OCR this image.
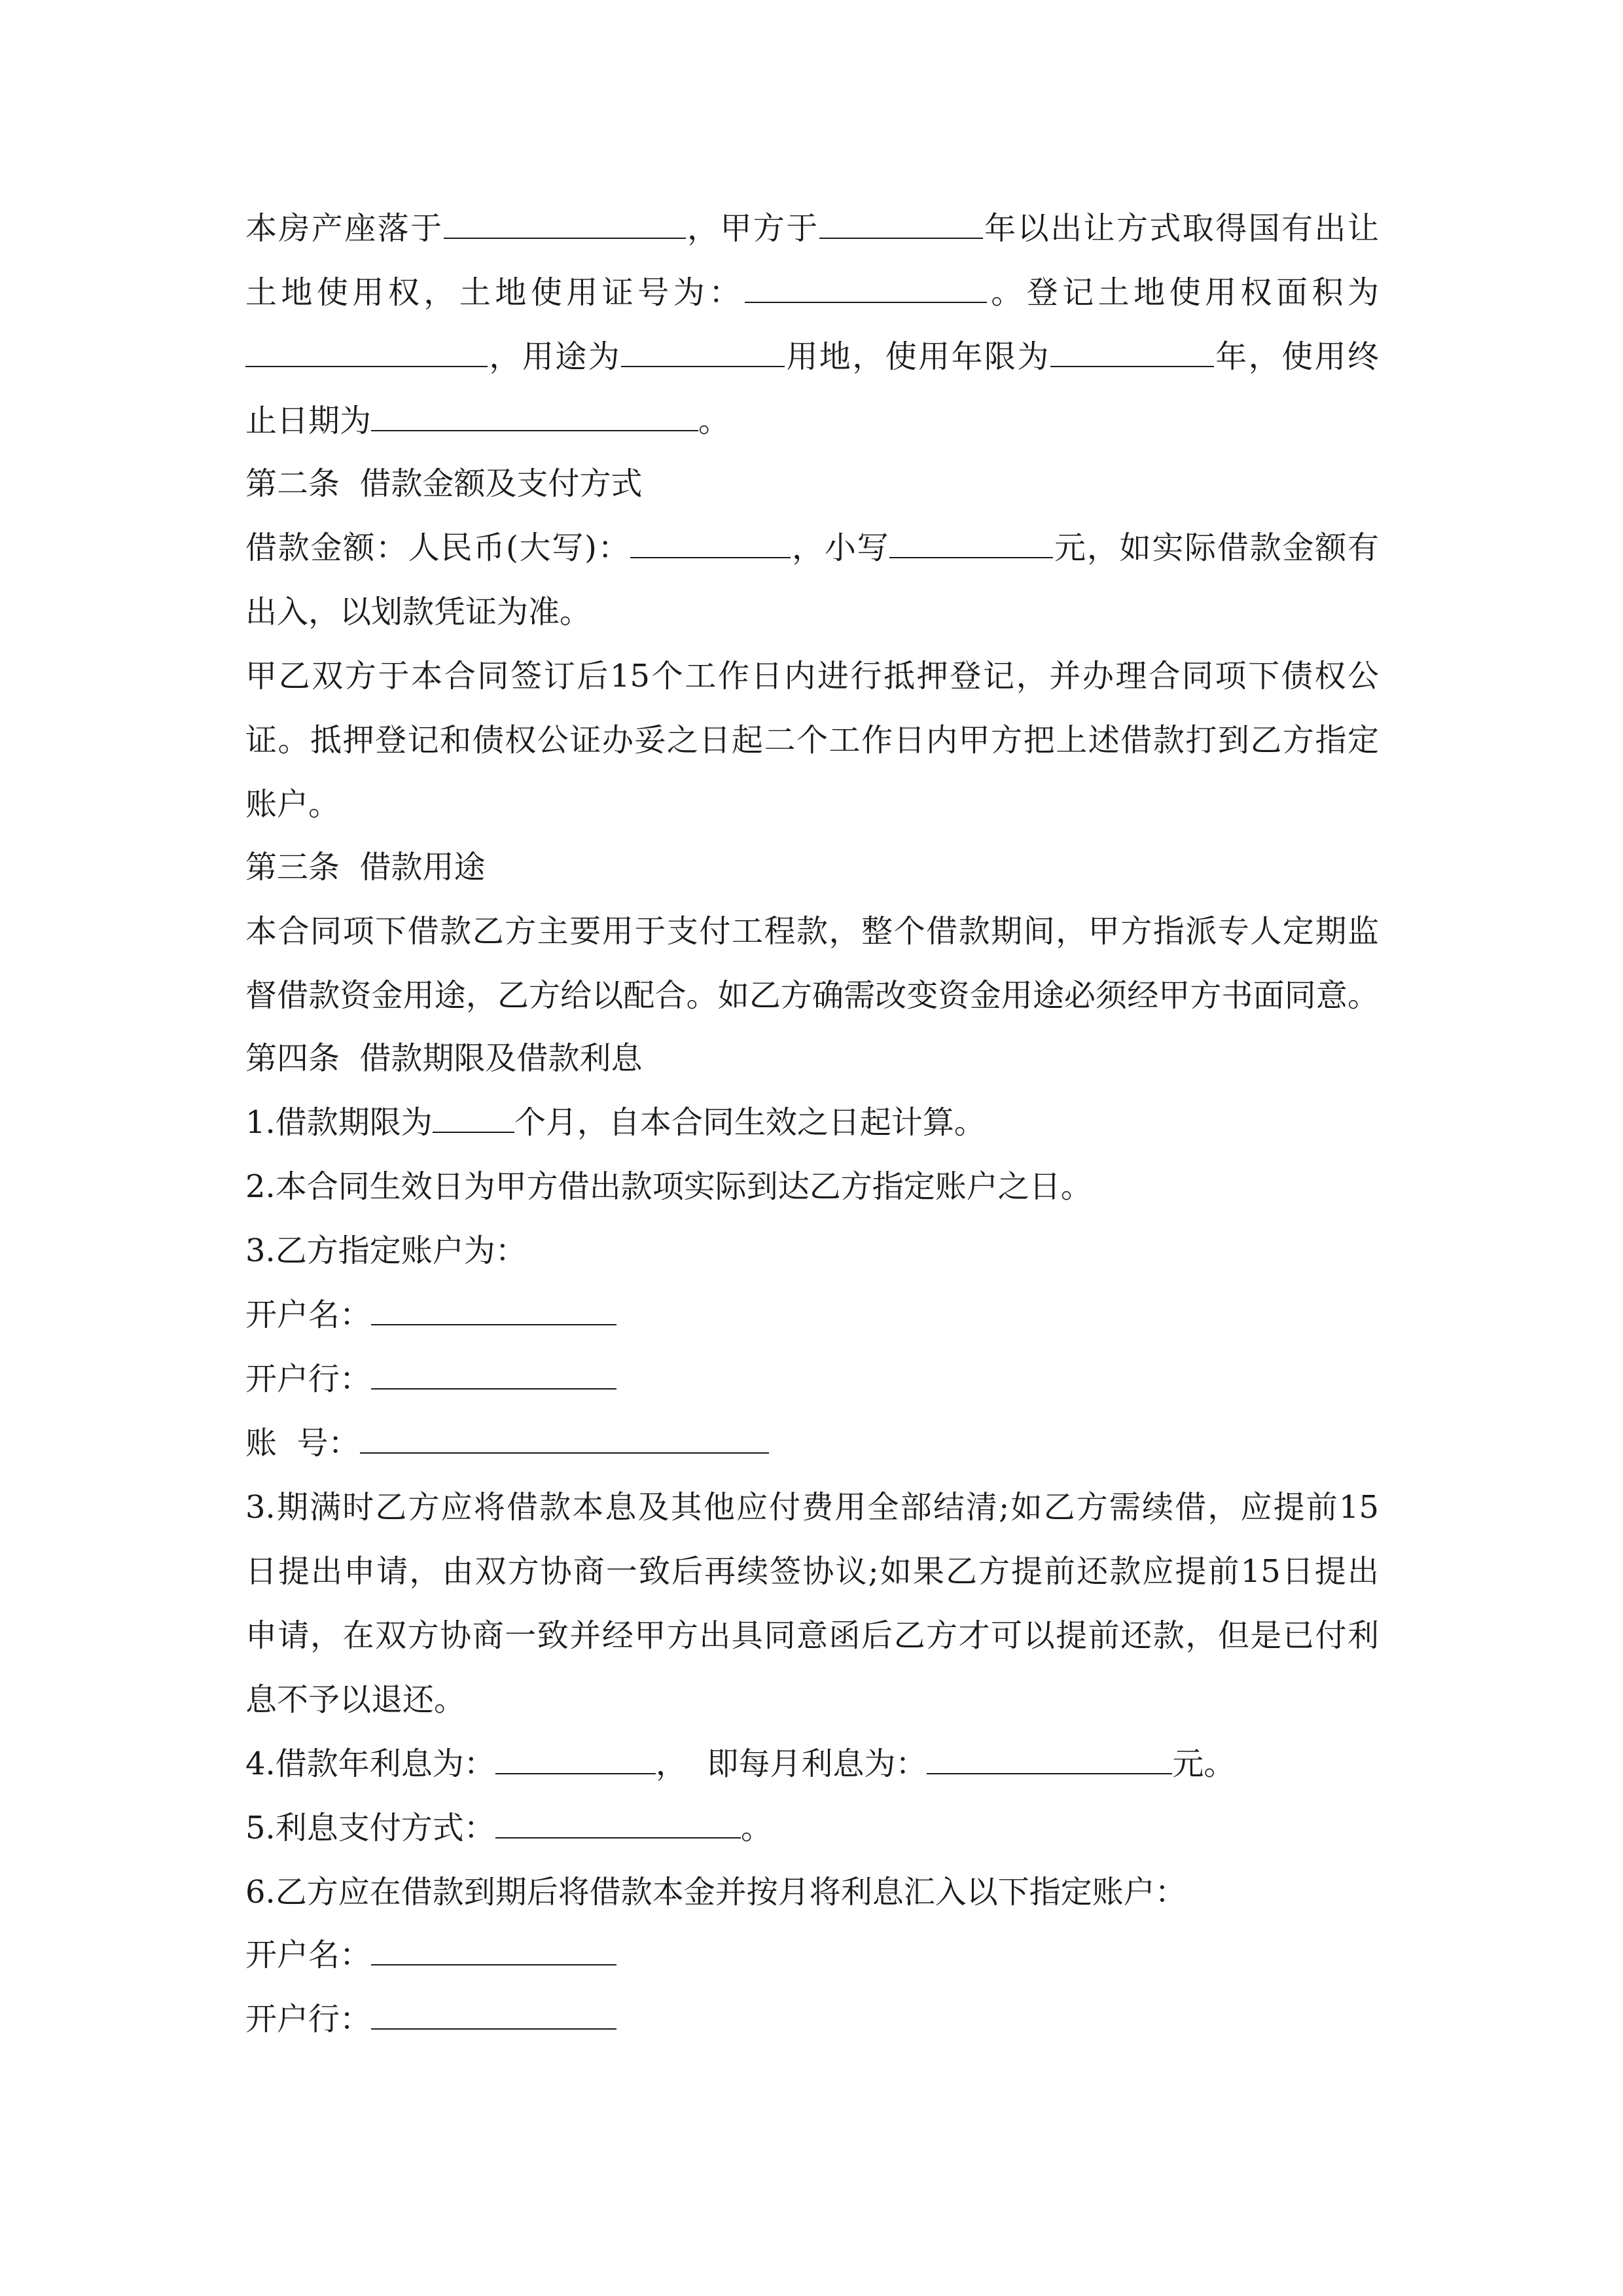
本房产座落于	，甲方于	年以出让方式取得国有出让
土地使用权，土地使用证号为：	。登记土地使用权面积为
，用途为	用地，使用年限为	年，使用终
止日期为	。
第二条  借款金额及支付方式
借款金额：人民币(大写)：	，小写	元，如实际借款金额有
出入，以划款凭证为准。
甲乙双方于本合同签订后15个工作日内进行抵押登记，并办理合同项下债权公
证。抵押登记和债权公证办妥之日起二个工作日内甲方把上述借款打到乙方指定
账户。
第三条  借款用途
本合同项下借款乙方主要用于支付工程款，整个借款期间，甲方指派专人定期监
督借款资金用途，乙方给以配合。如乙方确需改变资金用途必须经甲方书面同意。
第四条  借款期限及借款利息
1.借款期限为	个月，自本合同生效之日起计算。
2.本合同生效日为甲方借出款项实际到达乙方指定账户之日。
3.乙方指定账户为：
开户名：
开户行：
账  号：
3.期满时乙方应将借款本息及其他应付费用全部结清;如乙方需续借，应提前15
日提出申请，由双方协商一致后再续签协议;如果乙方提前还款应提前15日提出
申请，在双方协商一致并经甲方出具同意函后乙方才可以提前还款，但是已付利
息不予以退还。
4.借款年利息为：	，  即每月利息为：	元。
5.利息支付方式：	。
6.乙方应在借款到期后将借款本金并按月将利息汇入以下指定账户：
开户名：
开户行：
